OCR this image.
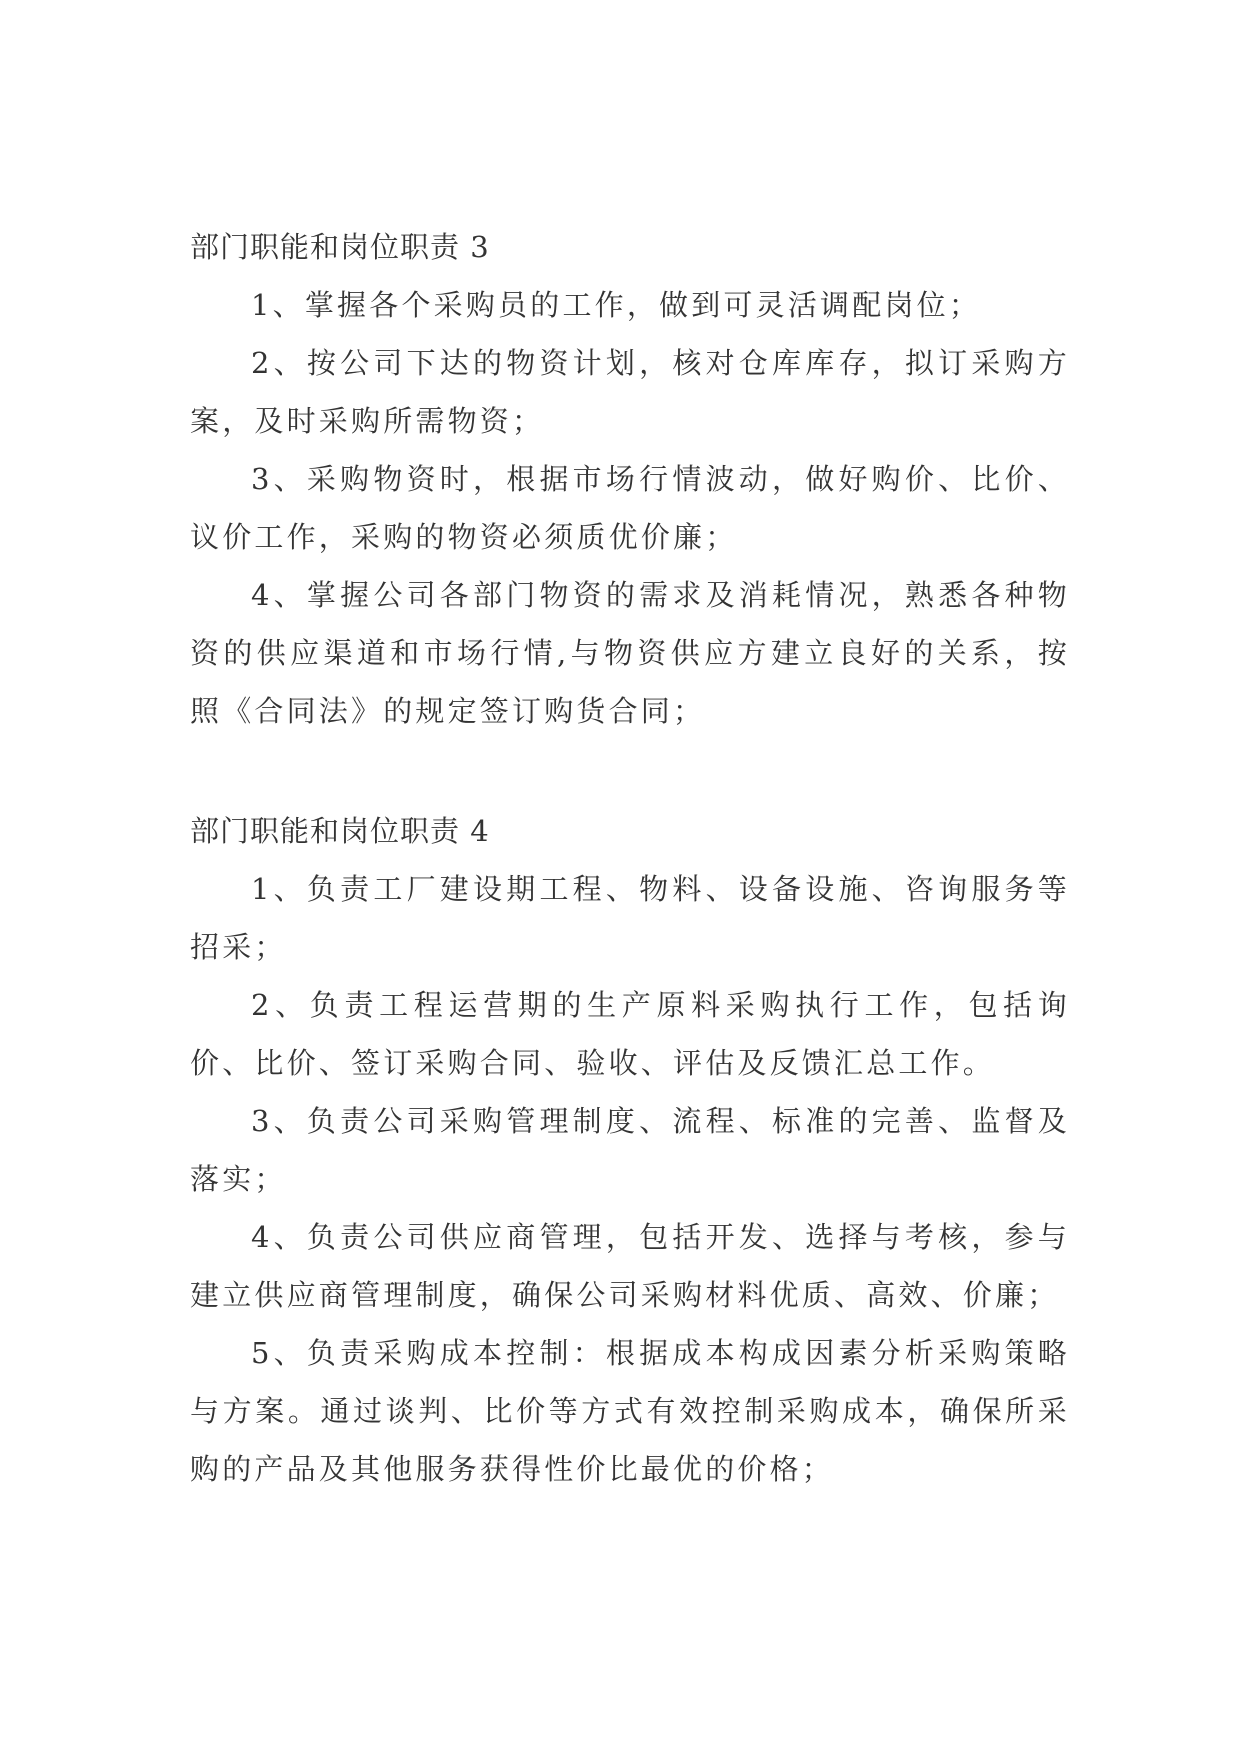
部门职能和岗位职责 3

1、掌握各个采购员的工作，做到可灵活调配岗位；

2、按公司下达的物资计划，核对仓库库存，拟订采购方案，及时采购所需物资；

3、采购物资时，根据市场行情波动，做好购价、比价、议价工作，采购的物资必须质优价廉；

4、掌握公司各部门物资的需求及消耗情况，熟悉各种物资的供应渠道和市场行情,与物资供应方建立良好的关系，按照《合同法》的规定签订购货合同；

部门职能和岗位职责 4

1、负责工厂建设期工程、物料、设备设施、咨询服务等招采；

2、负责工程运营期的生产原料采购执行工作，包括询价、比价、签订采购合同、验收、评估及反馈汇总工作。

3、负责公司采购管理制度、流程、标准的完善、监督及落实；

4、负责公司供应商管理，包括开发、选择与考核，参与建立供应商管理制度，确保公司采购材料优质、高效、价廉；

5、负责采购成本控制：根据成本构成因素分析采购策略与方案。通过谈判、比价等方式有效控制采购成本，确保所采购的产品及其他服务获得性价比最优的价格；
